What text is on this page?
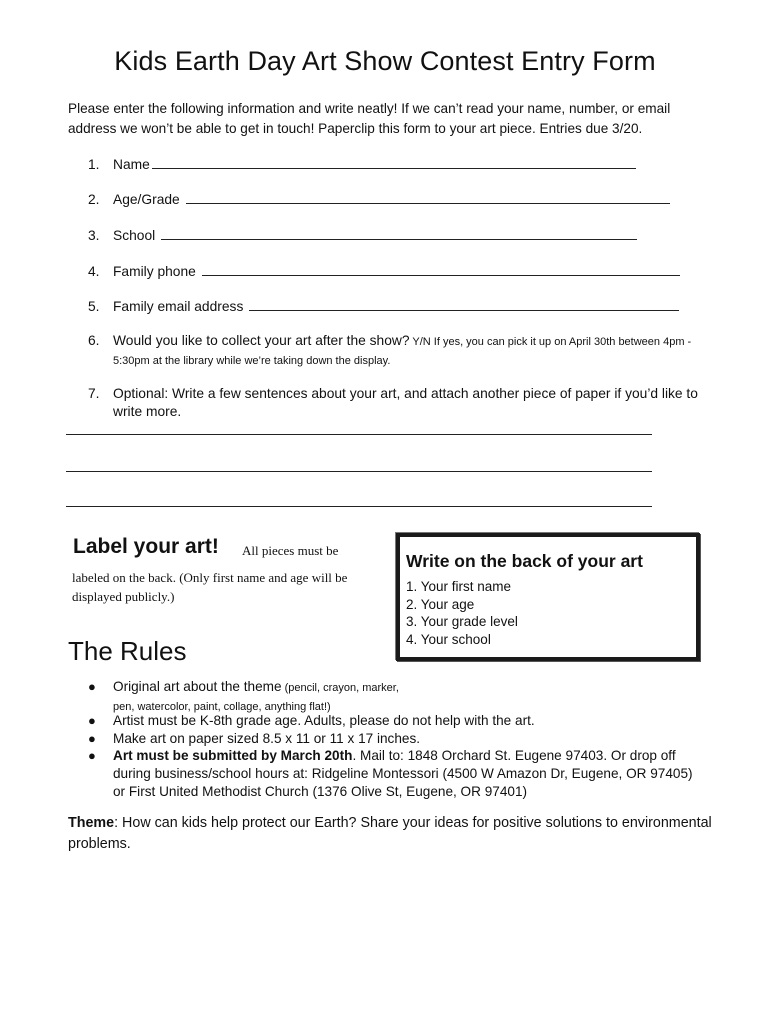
Kids Earth Day Art Show Contest Entry Form
Please enter the following information and write neatly! If we can’t read your name, number, or email address we won’t be able to get in touch! Paperclip this form to your art piece. Entries due 3/20.
1. Name
2. Age/Grade
3. School
4. Family phone
5. Family email address
6. Would you like to collect your art after the show? Y/N If yes, you can pick it up on April 30th between 4pm - 5:30pm at the library while we’re taking down the display.
7. Optional: Write a few sentences about your art, and attach another piece of paper if you’d like to write more.
Label your art! All pieces must be
labeled on the back. (Only first name and age will be displayed publicly.)
Write on the back of your art
1. Your first name
2. Your age
3. Your grade level
4. Your school
The Rules
● Original art about the theme (pencil, crayon, marker, pen, watercolor, paint, collage, anything flat!)
● Artist must be K-8th grade age. Adults, please do not help with the art.
● Make art on paper sized 8.5 x 11 or 11 x 17 inches.
● Art must be submitted by March 20th. Mail to: 1848 Orchard St. Eugene 97403. Or drop off during business/school hours at: Ridgeline Montessori (4500 W Amazon Dr, Eugene, OR 97405) or First United Methodist Church (1376 Olive St, Eugene, OR 97401)
Theme: How can kids help protect our Earth? Share your ideas for positive solutions to environmental problems.
